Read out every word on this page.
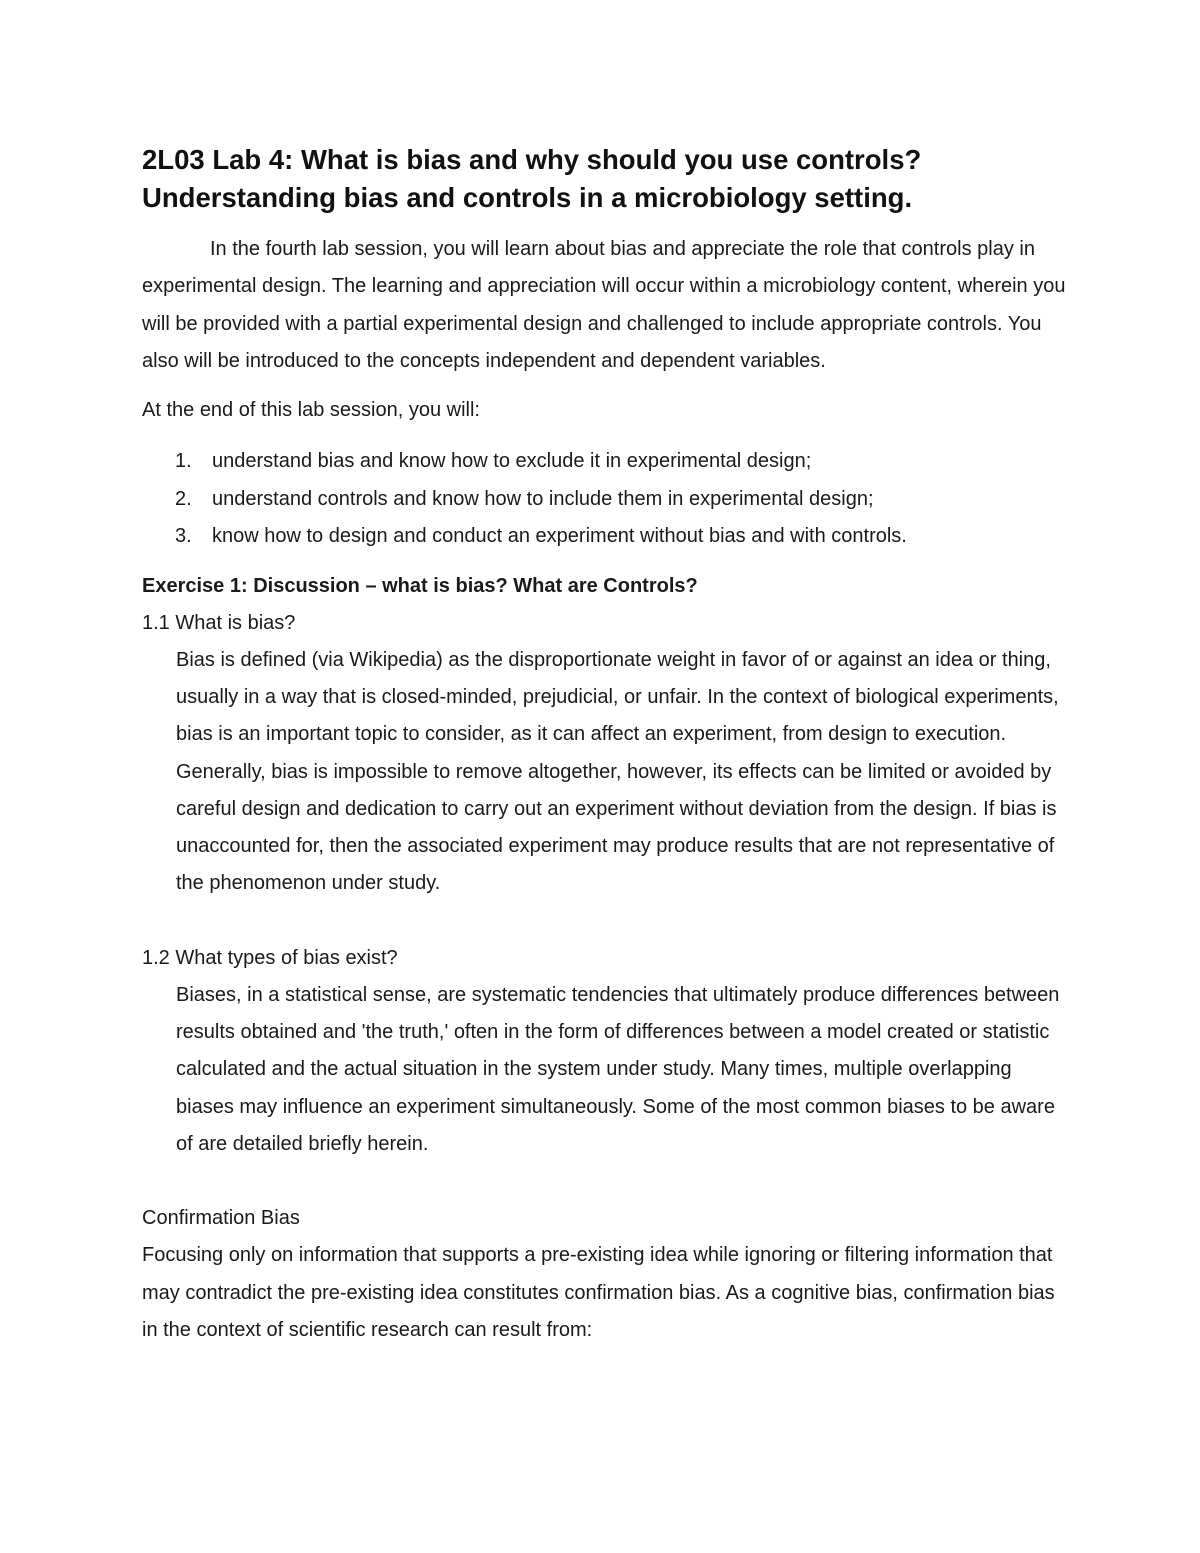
2L03 Lab 4: What is bias and why should you use controls? Understanding bias and controls in a microbiology setting.

In the fourth lab session, you will learn about bias and appreciate the role that controls play in experimental design. The learning and appreciation will occur within a microbiology content, wherein you will be provided with a partial experimental design and challenged to include appropriate controls. You also will be introduced to the concepts independent and dependent variables.

At the end of this lab session, you will:

1.	understand bias and know how to exclude it in experimental design;
2.	understand controls and know how to include them in experimental design;
3.	know how to design and conduct an experiment without bias and with controls.
Exercise 1: Discussion – what is bias? What are Controls?

1.1 What is bias?

Bias is defined (via Wikipedia) as the disproportionate weight in favor of or against an idea or thing, usually in a way that is closed-minded, prejudicial, or unfair. In the context of biological experiments, bias is an important topic to consider, as it can affect an experiment, from design to execution. Generally, bias is impossible to remove altogether, however, its effects can be limited or avoided by careful design and dedication to carry out an experiment without deviation from the design. If bias is unaccounted for, then the associated experiment may produce results that are not representative of the phenomenon under study.

1.2 What types of bias exist?

Biases, in a statistical sense, are systematic tendencies that ultimately produce differences between results obtained and 'the truth,' often in the form of differences between a model created or statistic calculated and the actual situation in the system under study. Many times, multiple overlapping biases may influence an experiment simultaneously. Some of the most common biases to be aware of are detailed briefly herein.

Confirmation Bias

Focusing only on information that supports a pre-existing idea while ignoring or filtering information that may contradict the pre-existing idea constitutes confirmation bias. As a cognitive bias, confirmation bias in the context of scientific research can result from:
